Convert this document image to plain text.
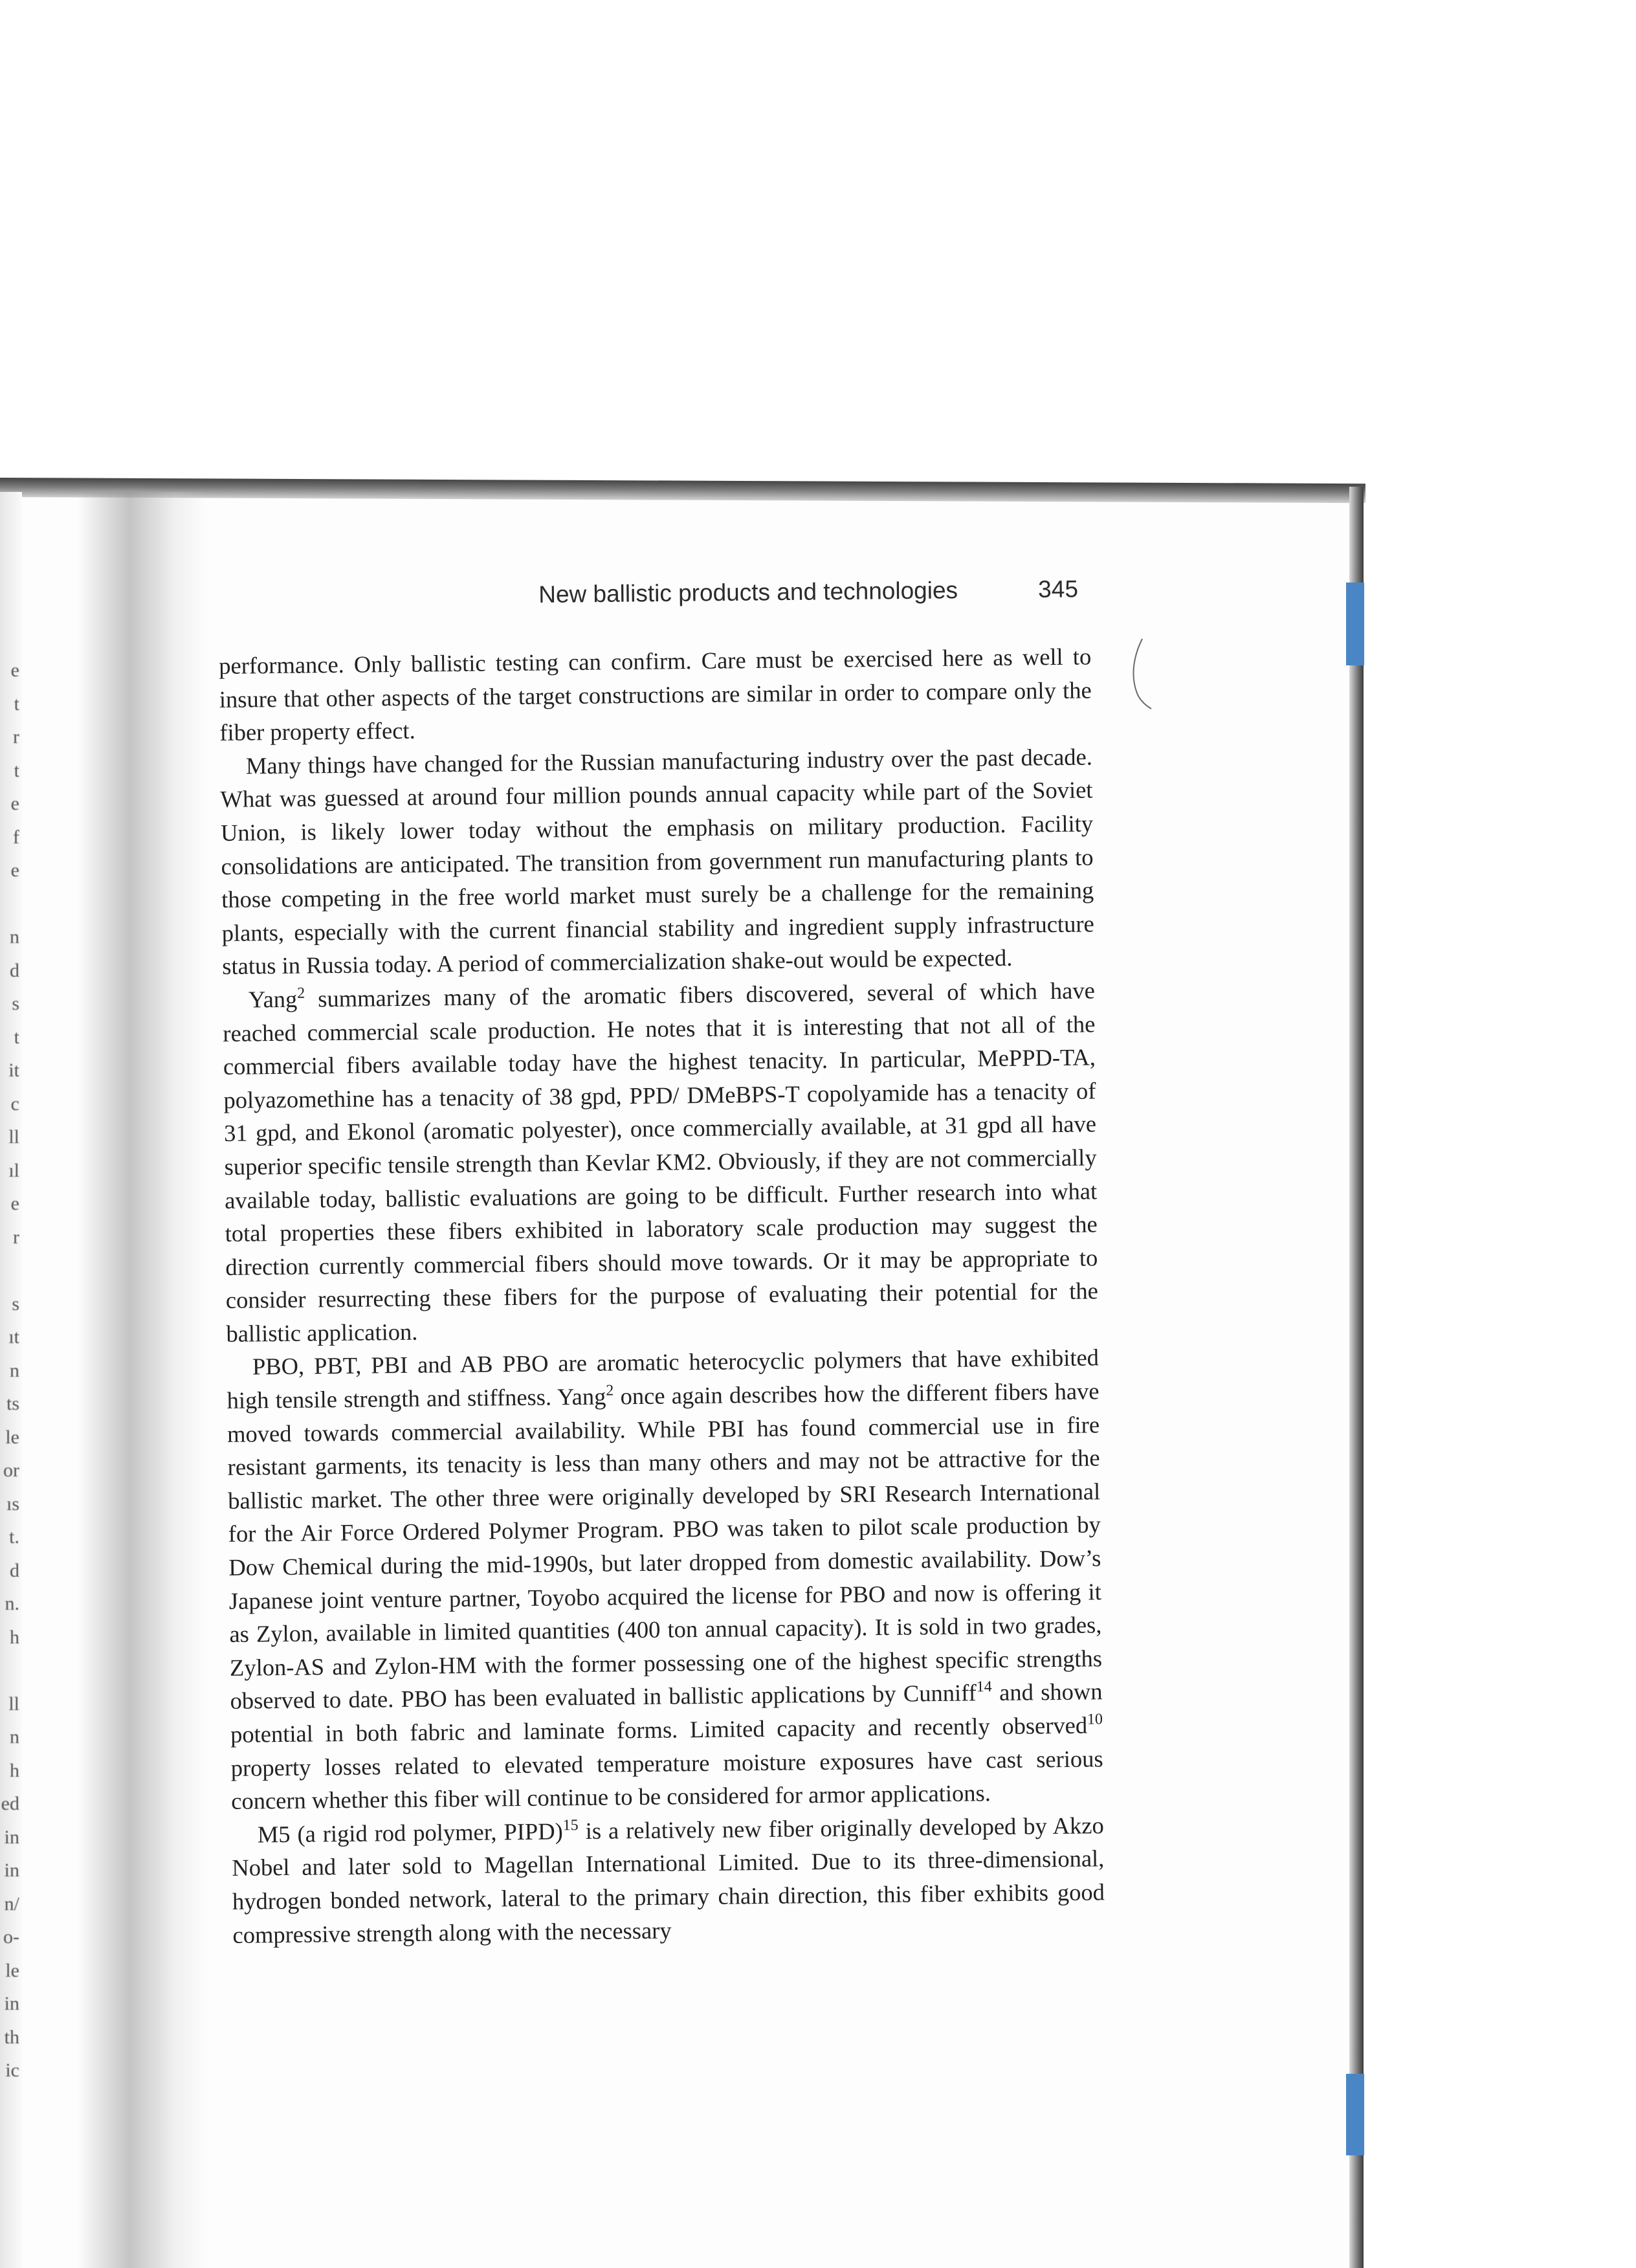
e
t
r
t
e
f
e

n
d
s
t
it
c
ll
ıl
e
r

s
ıt
n
ts
le
or
ıs
t.
d
n.
h

ll
n
h
ed
in
in
n/
o-
le
in
th
ic
New ballistic products and technologies	345

performance. Only ballistic testing can confirm. Care must be exercised here as well to insure that other aspects of the target constructions are similar in order to compare only the fiber property effect.

Many things have changed for the Russian manufacturing industry over the past decade. What was guessed at around four million pounds annual capacity while part of the Soviet Union, is likely lower today without the emphasis on military production. Facility consolidations are anticipated. The transition from government run manufacturing plants to those competing in the free world market must surely be a challenge for the remaining plants, especially with the current financial stability and ingredient supply infrastructure status in Russia today. A period of commercialization shake-out would be expected.

Yang$^2$ summarizes many of the aromatic fibers discovered, several of which have reached commercial scale production. He notes that it is interesting that not all of the commercial fibers available today have the highest tenacity. In particular, MePPD-TA, polyazomethine has a tenacity of 38 gpd, PPD/ DMeBPS-T copolyamide has a tenacity of 31 gpd, and Ekonol (aromatic polyester), once commercially available, at 31 gpd all have superior specific tensile strength than Kevlar KM2. Obviously, if they are not commercially available today, ballistic evaluations are going to be difficult. Further research into what total properties these fibers exhibited in laboratory scale production may suggest the direction currently commercial fibers should move towards. Or it may be appropriate to consider resurrecting these fibers for the purpose of evaluating their potential for the ballistic application.

PBO, PBT, PBI and AB PBO are aromatic heterocyclic polymers that have exhibited high tensile strength and stiffness. Yang$^2$ once again describes how the different fibers have moved towards commercial availability. While PBI has found commercial use in fire resistant garments, its tenacity is less than many others and may not be attractive for the ballistic market. The other three were originally developed by SRI Research International for the Air Force Ordered Polymer Program. PBO was taken to pilot scale production by Dow Chemical during the mid-1990s, but later dropped from domestic availability. Dow’s Japanese joint venture partner, Toyobo acquired the license for PBO and now is offering it as Zylon, available in limited quantities (400 ton annual capacity). It is sold in two grades, Zylon-AS and Zylon-HM with the former possessing one of the highest specific strengths observed to date. PBO has been evaluated in ballistic applications by Cunniff$^{14}$ and shown potential in both fabric and laminate forms. Limited capacity and recently observed$^{10}$ property losses related to elevated temperature moisture exposures have cast serious concern whether this fiber will continue to be considered for armor applications.

M5 (a rigid rod polymer, PIPD)$^{15}$ is a relatively new fiber originally developed by Akzo Nobel and later sold to Magellan International Limited. Due to its three-dimensional, hydrogen bonded network, lateral to the primary chain direction, this fiber exhibits good compressive strength along with the necessary
